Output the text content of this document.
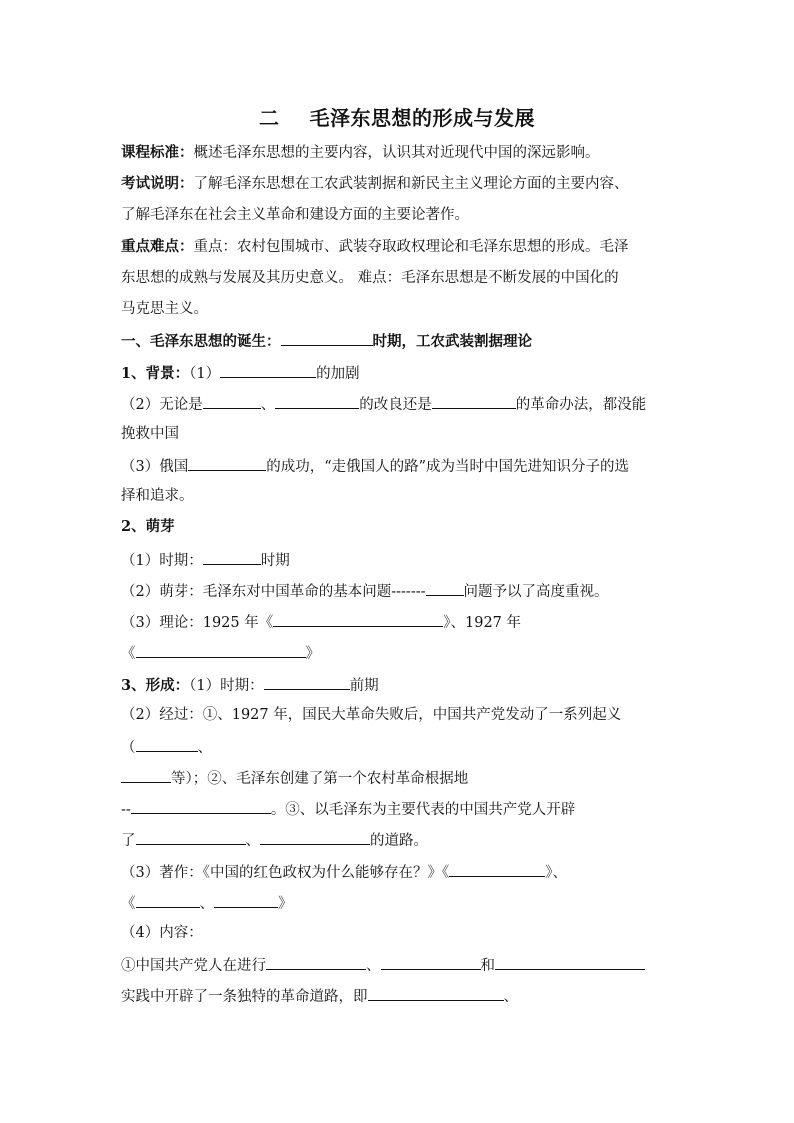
二 毛泽东思想的形成与发展
课程标准：概述毛泽东思想的主要内容，认识其对近现代中国的深远影响。
考试说明：了解毛泽东思想在工农武装割据和新民主主义理论方面的主要内容、
了解毛泽东在社会主义革命和建设方面的主要论著作。
重点难点：重点：农村包围城市、武装夺取政权理论和毛泽东思想的形成。毛泽
东思想的成熟与发展及其历史意义。 难点：毛泽东思想是不断发展的中国化的
马克思主义。
一、毛泽东思想的诞生：	时期，工农武装割据理论
1、背景：（1）	的加剧
（2）无论是	、	的改良还是	的革命办法，都没能
挽救中国
（3）俄国	的成功，“走俄国人的路”成为当时中国先进知识分子的选
择和追求。
2、萌芽
（1）时期：	时期
（2）萌芽：毛泽东对中国革命的基本问题-------	问题予以了高度重视。
（3）理论：1925 年《	》、1927 年
《	》
3、形成：（1）时期：	前期
（2）经过：①、1927 年，国民大革命失败后，中国共产党发动了一系列起义
（	、
等）；②、毛泽东创建了第一个农村革命根据地
--	。③、以毛泽东为主要代表的中国共产党人开辟
了	、	的道路。
（3）著作：《中国的红色政权为什么能够存在？》《	》、
《	、	》
（4）内容：
①中国共产党人在进行	、	和
实践中开辟了一条独特的革命道路，即	、
